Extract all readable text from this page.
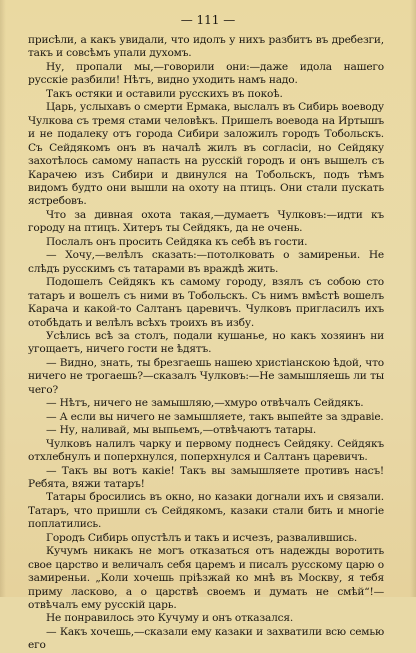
— 111 —

присѣли, а какъ увидали, что идолъ у нихъ разбитъ въ дребезги, такъ и совсѣмъ упали духомъ.

Ну, пропали мы,—говорили они:—даже идола нашего русскіе разбили! Нѣтъ, видно уходить намъ надо.

Такъ остяки и оставили русскихъ въ покоѣ.

Царь, услыхавъ о смерти Ермака, выслалъ въ Сибирь воеводу Чулкова съ тремя стами человѣкъ. Пришелъ воевода на Иртышъ и не подалеку отъ города Сибири заложилъ городъ Тобольскъ. Съ Сейдякомъ онъ въ началѣ жилъ въ согласіи, но Сейдяку захотѣлось самому напасть на русскій городъ и онъ вышелъ съ Карачею изъ Сибири и двинулся на Тобольскъ, подъ тѣмъ видомъ будто они вышли на охоту на птицъ. Они стали пускать ястребовъ.

Что за дивная охота такая,—думаетъ Чулковъ:—идти къ городу на птицъ. Хитеръ ты Сейдякъ, да не очень.

Послалъ онъ просить Сейдяка къ себѣ въ гости.

— Хочу,—велѣлъ сказать:—потолковать о замиреньи. Не слѣдъ русскимъ съ татарами въ враждѣ жить.

Подошелъ Сейдякъ къ самому городу, взялъ съ собою сто татаръ и вошелъ съ ними въ Тобольскъ. Съ нимъ вмѣстѣ вошелъ Карача и какой-то Салтанъ царевичъ. Чулковъ пригласилъ ихъ отобѣдать и велѣлъ всѣхъ троихъ въ избу.

Усѣлись всѣ за столъ, подали кушанье, но какъ хозяинъ ни угощаетъ, ничего гости не ѣдятъ.

— Видно, знать, ты брезгаешь нашею христіанскою ѣдой, что ничего не трогаешь?—сказалъ Чулковъ:—Не замышляешь ли ты чего?

— Нѣтъ, ничего не замышляю,—хмуро отвѣчалъ Сейдякъ.

— А если вы ничего не замышляете, такъ выпейте за здравіе.

— Ну, наливай, мы выпьемъ,—отвѣчаютъ татары.

Чулковъ налилъ чарку и первому поднесъ Сейдяку. Сейдякъ отхлебнулъ и поперхнулся, поперхнулся и Салтанъ царевичъ.

— Такъ вы вотъ какіе! Такъ вы замышляете противъ насъ! Ребята, вяжи татаръ!

Татары бросились въ окно, но казаки догнали ихъ и связали. Татаръ, что пришли съ Сейдякомъ, казаки стали бить и многіе поплатились.

Городъ Сибирь опустѣлъ и такъ и исчезъ, развалившись.

Кучумъ никакъ не могъ отказаться отъ надежды воротить свое царство и величалъ себя царемъ и писалъ русскому царю о замиреньи. „Коли хочешь пріѣзжай ко мнѣ въ Москву, я тебя приму ласково, а о царствѣ своемъ и думать не смѣй“!—отвѣчалъ ему русскій царь.

Не понравилось это Кучуму и онъ отказался.

— Какъ хочешь,—сказали ему казаки и захватили всю семью его
